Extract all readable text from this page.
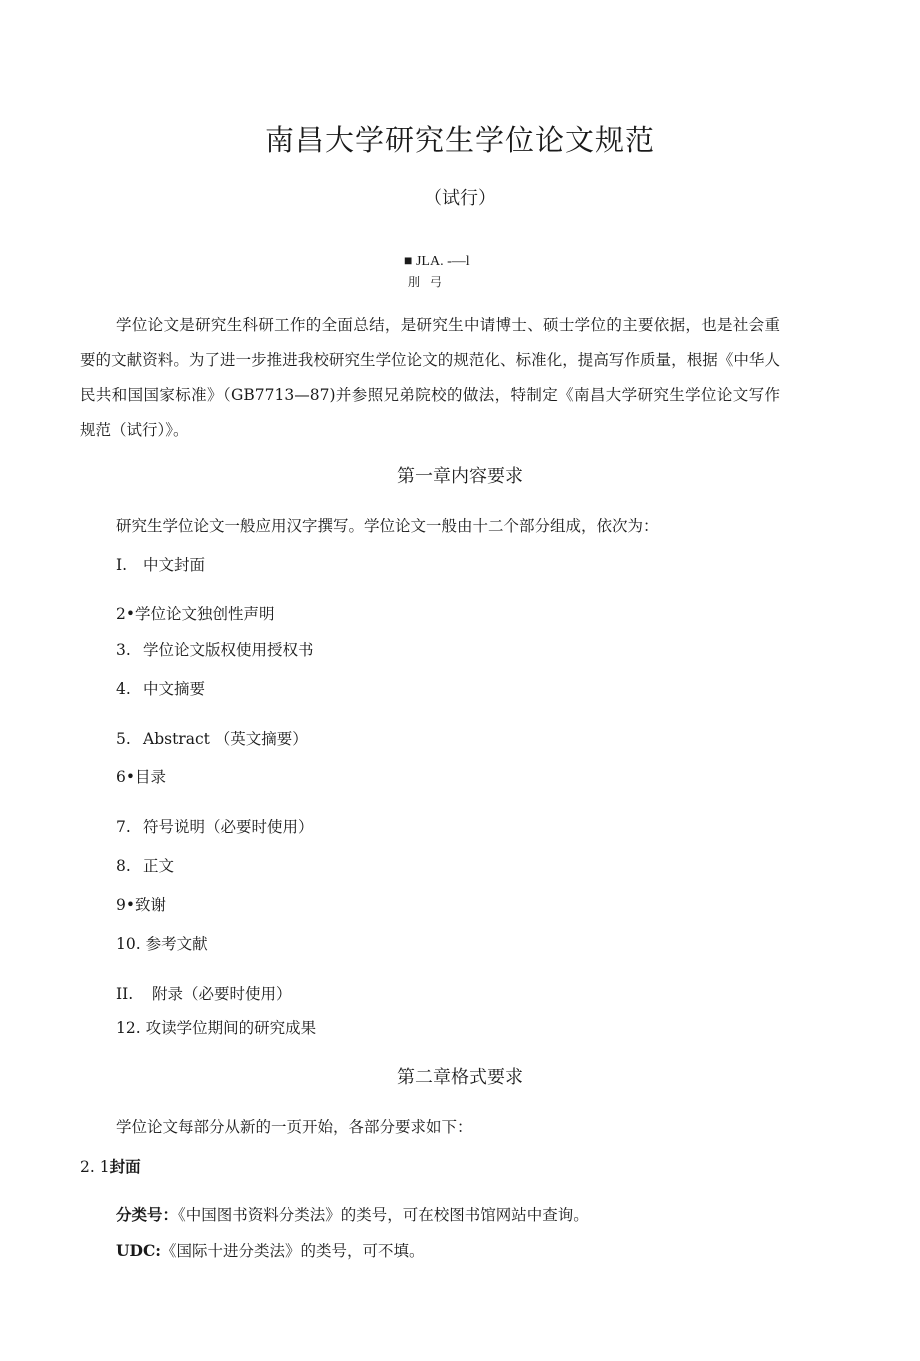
南昌大学研究生学位论文规范
（试行）
■ JLA. -—l
刖 弓
学位论文是研究生科研工作的全面总结，是研究生中请博士、硕士学位的主要依据，也是社会重要的文献资料。为了进一步推进我校研究生学位论文的规范化、标准化，提高写作质量，根据《中华人民共和国国家标准》（GB7713—87)并参照兄弟院校的做法，特制定《南昌大学研究生学位论文写作规范（试行）》。
第一章内容要求
研究生学位论文一般应用汉字撰写。学位论文一般由十二个部分组成，依次为：
I. 中文封面
2•学位论文独创性声明
3. 学位论文版权使用授权书
4. 中文摘要
5. Abstract （英文摘要）
6•目录
7. 符号说明（必要时使用）
8. 正文
9•致谢
10. 参考文献
II. 附录（必要时使用）
12. 攻读学位期间的研究成果
第二章格式要求
学位论文每部分从新的一页开始，各部分要求如下：
2. 1封面
分类号：《中国图书资料分类法》的类号，可在校图书馆网站中查询。
UDC:《国际十进分类法》的类号，可不填。
